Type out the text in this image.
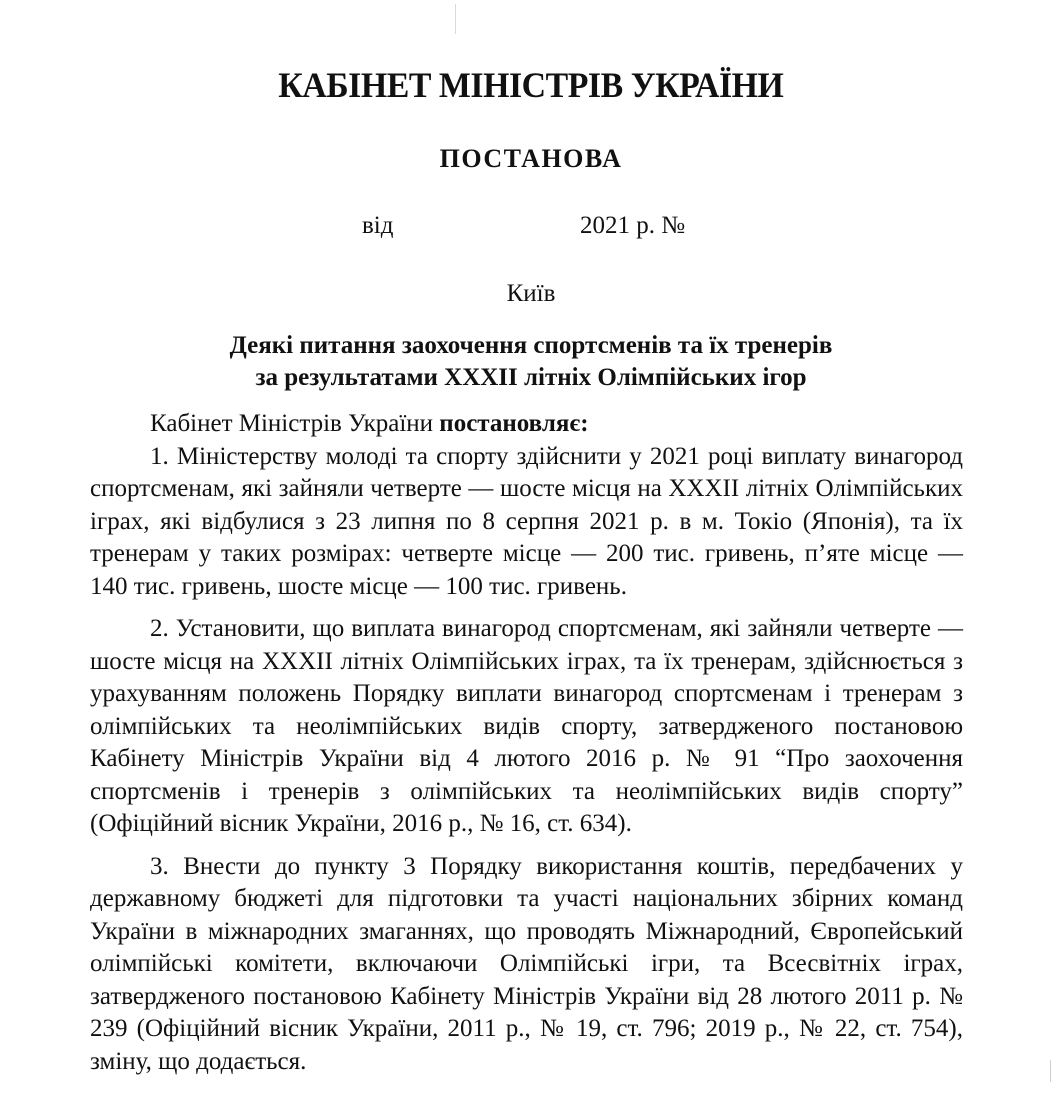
КАБІНЕТ МІНІСТРІВ УКРАЇНИ
ПОСТАНОВА
від	2021 р. №
Київ
Деякі питання заохочення спортсменів та їх тренерів
за результатами XXXII літніх Олімпійських ігор

Кабінет Міністрів України постановляє:

1. Міністерству молоді та спорту здійснити у 2021 році виплату винагород спортсменам, які зайняли четверте — шосте місця на XXXII літніх Олімпійських іграх, які відбулися з 23 липня по 8 серпня 2021 р. в м. Токіо (Японія), та їх тренерам у таких розмірах: четверте місце — 200 тис. гривень, п’яте місце — 140 тис. гривень, шосте місце — 100 тис. гривень.

2. Установити, що виплата винагород спортсменам, які зайняли четверте — шосте місця на XXXII літніх Олімпійських іграх, та їх тренерам, здійснюється з урахуванням положень Порядку виплати винагород спортсменам і тренерам з олімпійських та неолімпійських видів спорту, затвердженого постановою Кабінету Міністрів України від 4 лютого 2016 р. № 91 “Про заохочення спортсменів і тренерів з олімпійських та неолімпійських видів спорту” (Офіційний вісник України, 2016 р., № 16, ст. 634).

3. Внести до пункту 3 Порядку використання коштів, передбачених у державному бюджеті для підготовки та участі національних збірних команд України в міжнародних змаганнях, що проводять Міжнародний, Європейський олімпійські комітети, включаючи Олімпійські ігри, та Всесвітніх іграх, затвердженого постановою Кабінету Міністрів України від 28 лютого 2011 р. № 239 (Офіційний вісник України, 2011 р., № 19, ст. 796; 2019 р., № 22, ст. 754), зміну, що додається.
